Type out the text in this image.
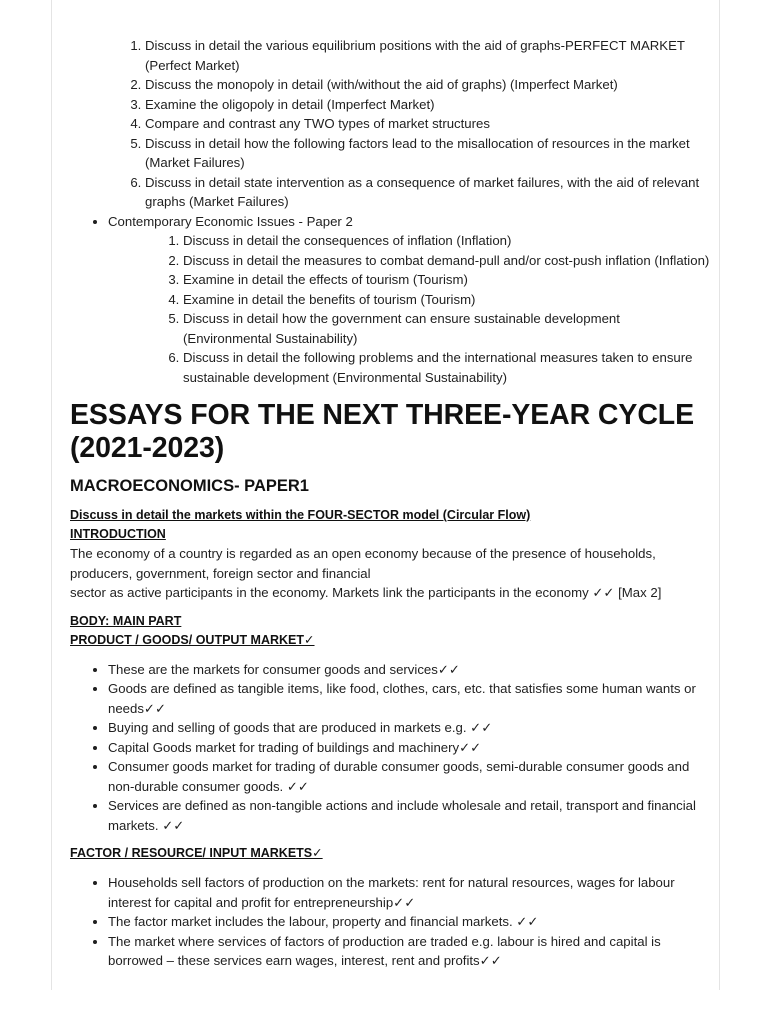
1. Discuss in detail the various equilibrium positions with the aid of graphs-PERFECT MARKET (Perfect Market)
2. Discuss the monopoly in detail (with/without the aid of graphs) (Imperfect Market)
3. Examine the oligopoly in detail (Imperfect Market)
4. Compare and contrast any TWO types of market structures
5. Discuss in detail how the following factors lead to the misallocation of resources in the market (Market Failures)
6. Discuss in detail state intervention as a consequence of market failures, with the aid of relevant graphs (Market Failures)
• Contemporary Economic Issues - Paper 2
1. Discuss in detail the consequences of inflation (Inflation)
2. Discuss in detail the measures to combat demand-pull and/or cost-push inflation (Inflation)
3. Examine in detail the effects of tourism (Tourism)
4. Examine in detail the benefits of tourism (Tourism)
5. Discuss in detail how the government can ensure sustainable development (Environmental Sustainability)
6. Discuss in detail the following problems and the international measures taken to ensure sustainable development (Environmental Sustainability)
ESSAYS FOR THE NEXT THREE-YEAR CYCLE (2021-2023)
MACROECONOMICS- PAPER1
Discuss in detail the markets within the FOUR-SECTOR model (Circular Flow)
INTRODUCTION

The economy of a country is regarded as an open economy because of the presence of households, producers, government, foreign sector and financial

sector as active participants in the economy. Markets link the participants in the economy ✓✓ [Max 2]

BODY: MAIN PART
PRODUCT / GOODS/ OUTPUT MARKET✓
• These are the markets for consumer goods and services✓✓
• Goods are defined as tangible items, like food, clothes, cars, etc. that satisfies some human wants or needs✓✓
• Buying and selling of goods that are produced in markets e.g. ✓✓
• Capital Goods market for trading of buildings and machinery✓✓
• Consumer goods market for trading of durable consumer goods, semi-durable consumer goods and non-durable consumer goods. ✓✓
• Services are defined as non-tangible actions and include wholesale and retail, transport and financial markets. ✓✓
FACTOR / RESOURCE/ INPUT MARKETS✓
• Households sell factors of production on the markets: rent for natural resources, wages for labour interest for capital and profit for entrepreneurship✓✓
• The factor market includes the labour, property and financial markets. ✓✓
• The market where services of factors of production are traded e.g. labour is hired and capital is borrowed – these services earn wages, interest, rent and profits✓✓
